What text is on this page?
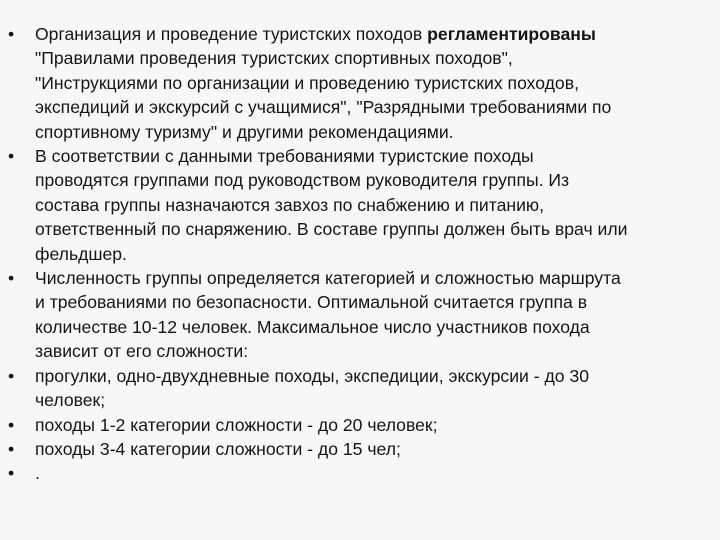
•	Организация и проведение туристских походов регламентированы
"Правилами проведения туристских спортивных походов",
"Инструкциями по организации и проведению туристских походов,
экспедиций и экскурсий с учащимися", "Разрядными требованиями по
спортивному туризму" и другими рекомендациями.
•	В соответствии с данными требованиями туристские походы
проводятся группами под руководством руководителя группы. Из
состава группы назначаются завхоз по снабжению и питанию,
ответственный по снаряжению. В составе группы должен быть врач или
фельдшер.
•	Численность группы определяется категорией и сложностью маршрута
и требованиями по безопасности. Оптимальной считается группа в
количестве 10-12 человек. Максимальное число участников похода
зависит от его сложности:
•	прогулки, одно-двухдневные походы, экспедиции, экскурсии - до 30
человек;
•	походы 1-2 категории сложности - до 20 человек;
•	походы 3-4 категории сложности - до 15 чел;
•	.
